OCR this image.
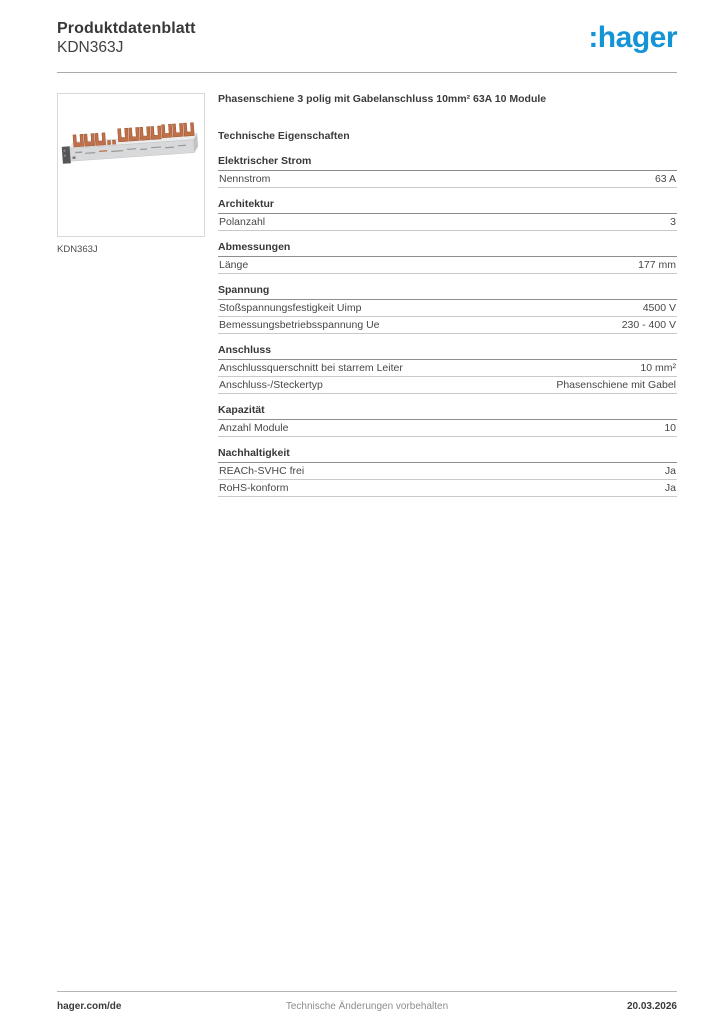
Produktdatenblatt
KDN363J	:hager
KDN363J
Phasenschiene 3 polig mit Gabelanschluss 10mm² 63A 10 Module
Technische Eigenschaften
Elektrischer Strom
Nennstrom	63 A
Architektur
Polanzahl	3
Abmessungen
Länge	177 mm
Spannung
Stoßspannungsfestigkeit Uimp	4500 V
Bemessungsbetriebsspannung Ue	230 - 400 V
Anschluss
Anschlussquerschnitt bei starrem Leiter	10 mm²
Anschluss-/Steckertyp	Phasenschiene mit Gabel
Kapazität
Anzahl Module	10
Nachhaltigkeit
REACh-SVHC frei	Ja
RoHS-konform	Ja
hager.com/de	Technische Änderungen vorbehalten	20.03.2026
